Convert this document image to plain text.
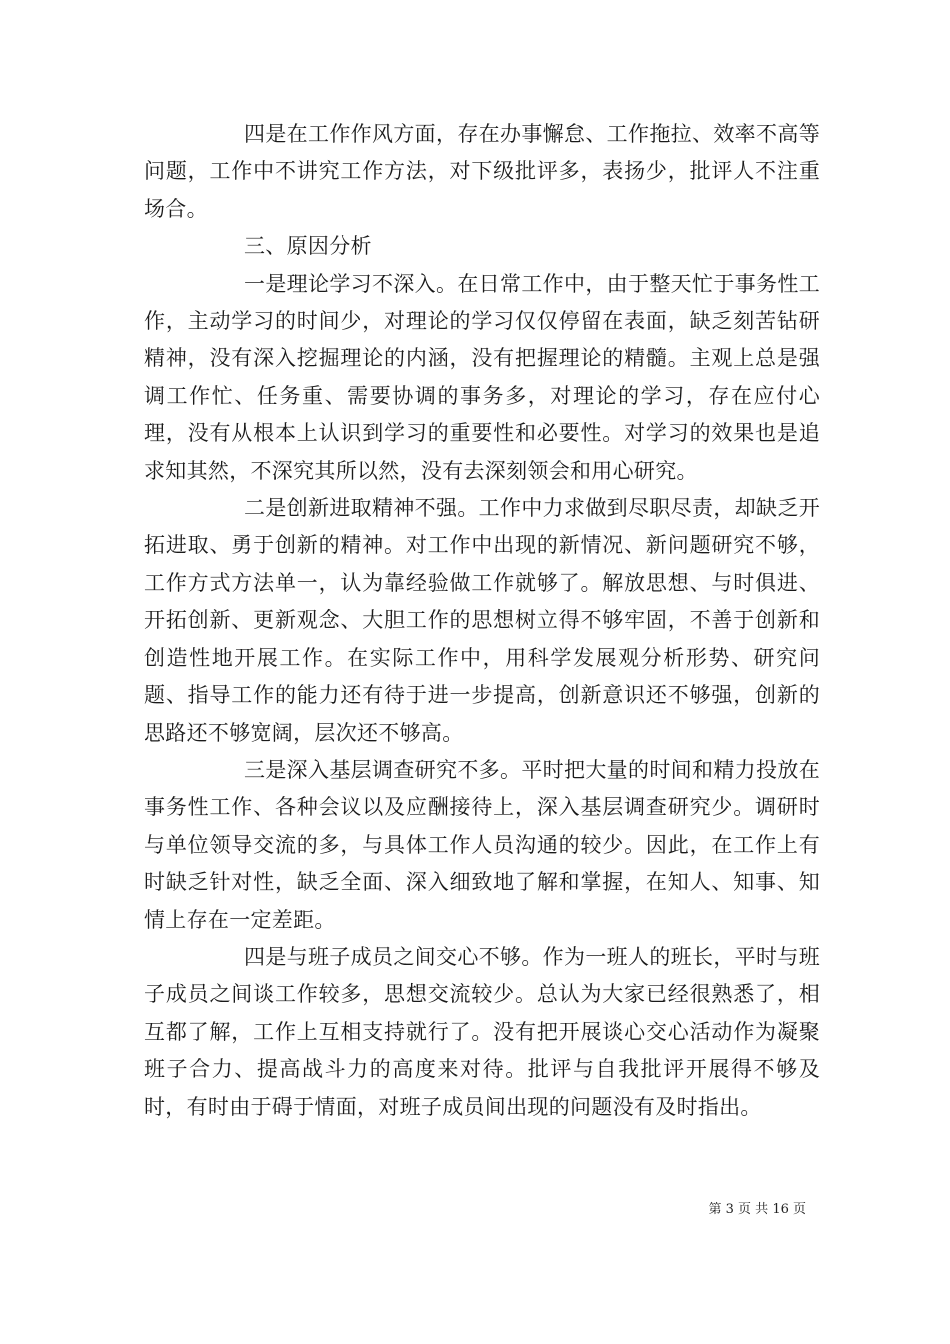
四是在工作作风方面，存在办事懈怠、工作拖拉、效率不高等问题，工作中不讲究工作方法，对下级批评多，表扬少，批评人不注重场合。

三、原因分析

一是理论学习不深入。在日常工作中，由于整天忙于事务性工作，主动学习的时间少，对理论的学习仅仅停留在表面，缺乏刻苦钻研精神，没有深入挖掘理论的内涵，没有把握理论的精髓。主观上总是强调工作忙、任务重、需要协调的事务多，对理论的学习，存在应付心理，没有从根本上认识到学习的重要性和必要性。对学习的效果也是追求知其然，不深究其所以然，没有去深刻领会和用心研究。

二是创新进取精神不强。工作中力求做到尽职尽责，却缺乏开拓进取、勇于创新的精神。对工作中出现的新情况、新问题研究不够，工作方式方法单一，认为靠经验做工作就够了。解放思想、与时俱进、开拓创新、更新观念、大胆工作的思想树立得不够牢固，不善于创新和创造性地开展工作。在实际工作中，用科学发展观分析形势、研究问题、指导工作的能力还有待于进一步提高，创新意识还不够强，创新的思路还不够宽阔，层次还不够高。

三是深入基层调查研究不多。平时把大量的时间和精力投放在事务性工作、各种会议以及应酬接待上，深入基层调查研究少。调研时与单位领导交流的多，与具体工作人员沟通的较少。因此，在工作上有时缺乏针对性，缺乏全面、深入细致地了解和掌握，在知人、知事、知情上存在一定差距。

四是与班子成员之间交心不够。作为一班人的班长，平时与班子成员之间谈工作较多，思想交流较少。总认为大家已经很熟悉了，相互都了解，工作上互相支持就行了。没有把开展谈心交心活动作为凝聚班子合力、提高战斗力的高度来对待。批评与自我批评开展得不够及时，有时由于碍于情面，对班子成员间出现的问题没有及时指出。

第 3 页 共 16 页
